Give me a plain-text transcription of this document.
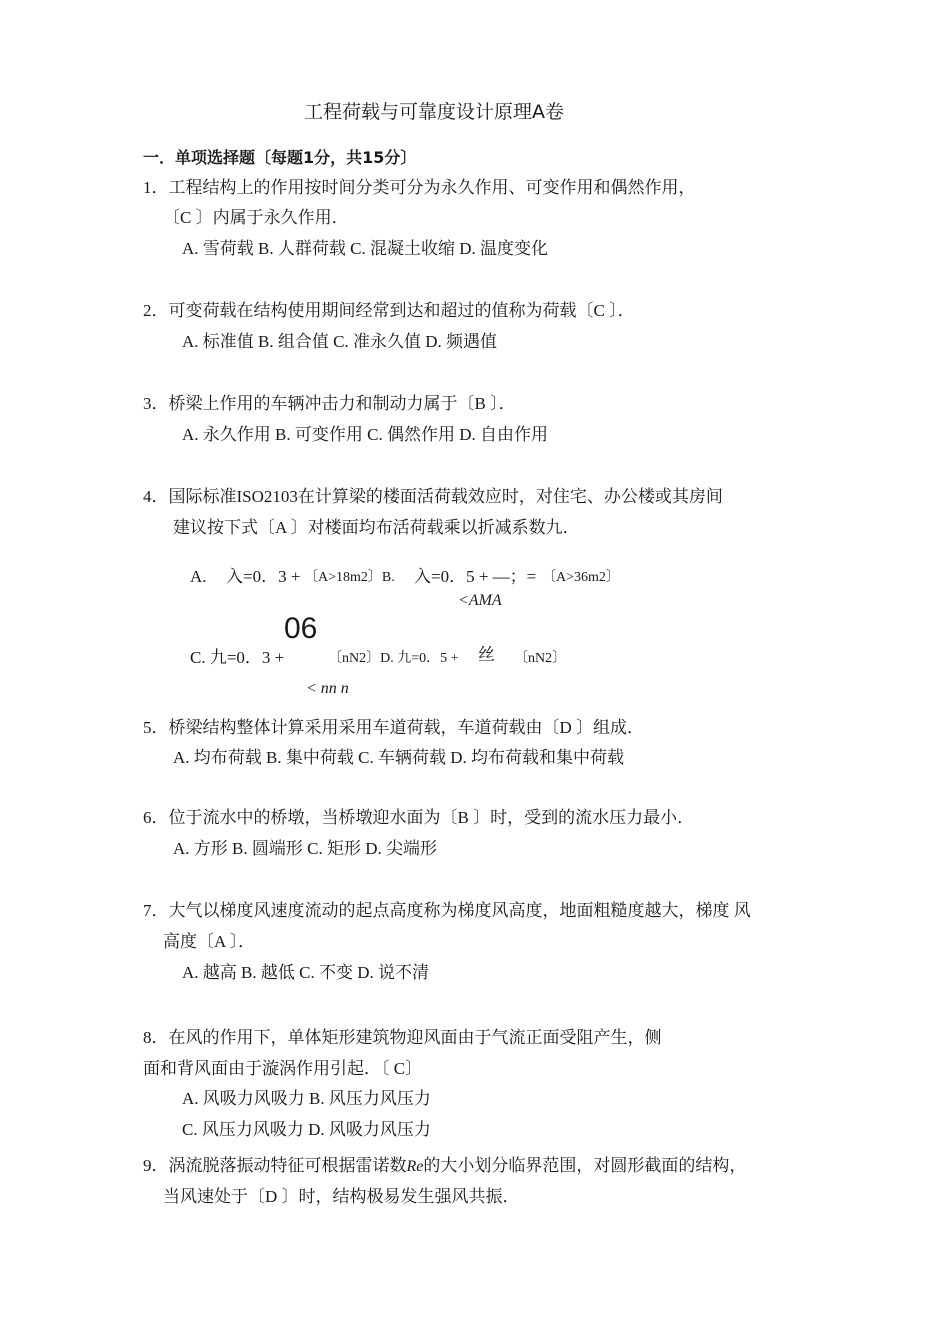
工程荷载与可靠度设计原理A卷
一．单项选择题〔每题1分，共15分〕
1．工程结构上的作用按时间分类可分为永久作用、可变作用和偶然作用，
〔C 〕内属于永久作用．
A. 雪荷载 B. 人群荷载 C. 混凝土收缩 D. 温度变化
2．可变荷载在结构使用期间经常到达和超过的值称为荷载〔C 〕．
A. 标准值 B. 组合值 C. 准永久值 D. 频遇值
3．桥梁上作用的车辆冲击力和制动力属于〔B 〕．
A. 永久作用 B. 可变作用 C. 偶然作用 D. 自由作用
4．国际标准ISO2103在计算梁的楼面活荷载效应时，对住宅、办公楼或其房间
建议按下式〔A 〕对楼面均布活荷载乘以折减系数九．
A. 入=0．3 + 〔A>18m2〕B. 入=0．5 + —；= 〔A>36m2〕
<AMA
06
C. 九=0．3 +	〔nN2〕D. 九=0．5 + 丝 〔nN2〕
< nn n
5．桥梁结构整体计算采用采用车道荷载，车道荷载由〔D 〕组成．
A. 均布荷载 B. 集中荷载 C. 车辆荷载 D. 均布荷载和集中荷载
6．位于流水中的桥墩，当桥墩迎水面为〔B 〕时，受到的流水压力最小．
A. 方形 B. 圆端形 C. 矩形 D. 尖端形
7．大气以梯度风速度流动的起点高度称为梯度风高度，地面粗糙度越大，梯度 风
高度〔A 〕．
A. 越高 B. 越低 C. 不变 D. 说不清
8．在风的作用下，单体矩形建筑物迎风面由于气流正面受阻产生，侧
面和背风面由于漩涡作用引起．〔 C〕
A. 风吸力风吸力 B. 风压力风压力
C. 风压力风吸力 D. 风吸力风压力
9．涡流脱落振动特征可根据雷诺数Re的大小划分临界范围，对圆形截面的结构，
当风速处于〔D 〕时，结构极易发生强风共振．
